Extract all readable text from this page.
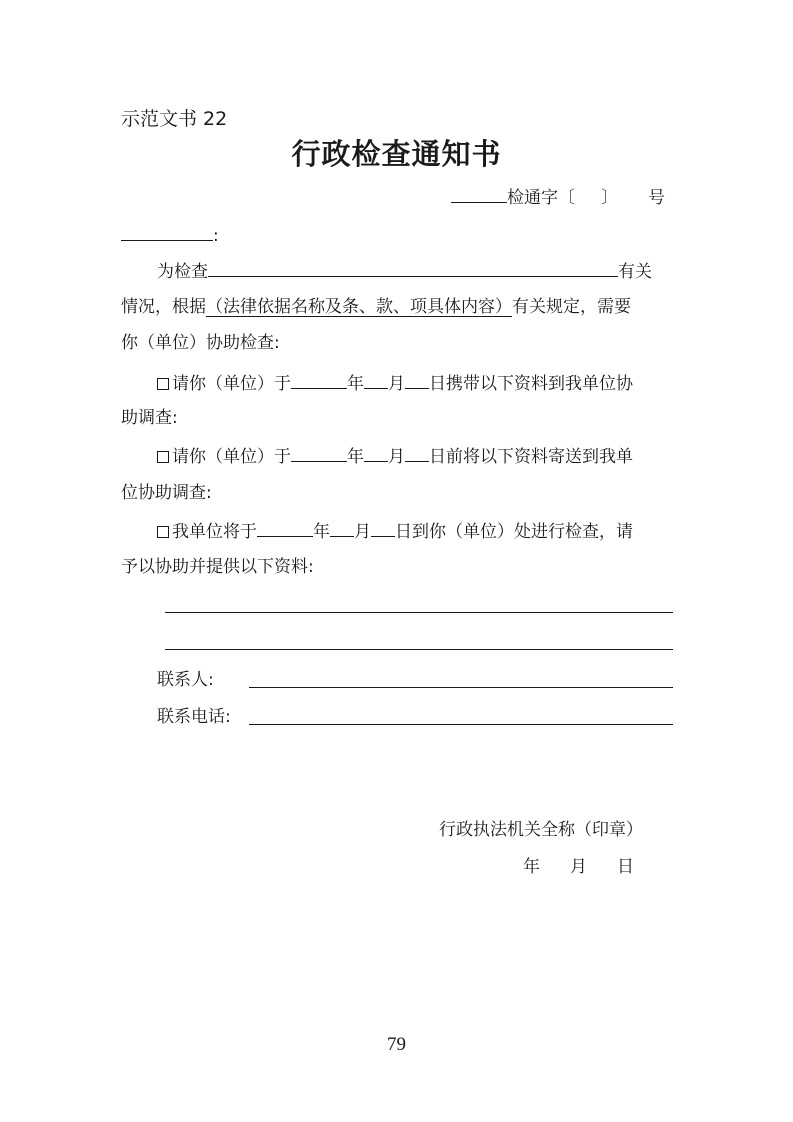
示范文书 22
行政检查通知书
检通字〔 〕 号
:
为检查	有关
情况，根据（法律依据名称及条、款、项具体内容）有关规定，需要
你（单位）协助检查:
请你（单位）于	年 月 日携带以下资料到我单位协
助调查:
请你（单位）于	年 月 日前将以下资料寄送到我单
位协助调查:
我单位将于	年 月 日到你（单位）处进行检查，请
予以协助并提供以下资料:
联系人:
联系电话:
行政执法机关全称（印章）
年 月 日
79
